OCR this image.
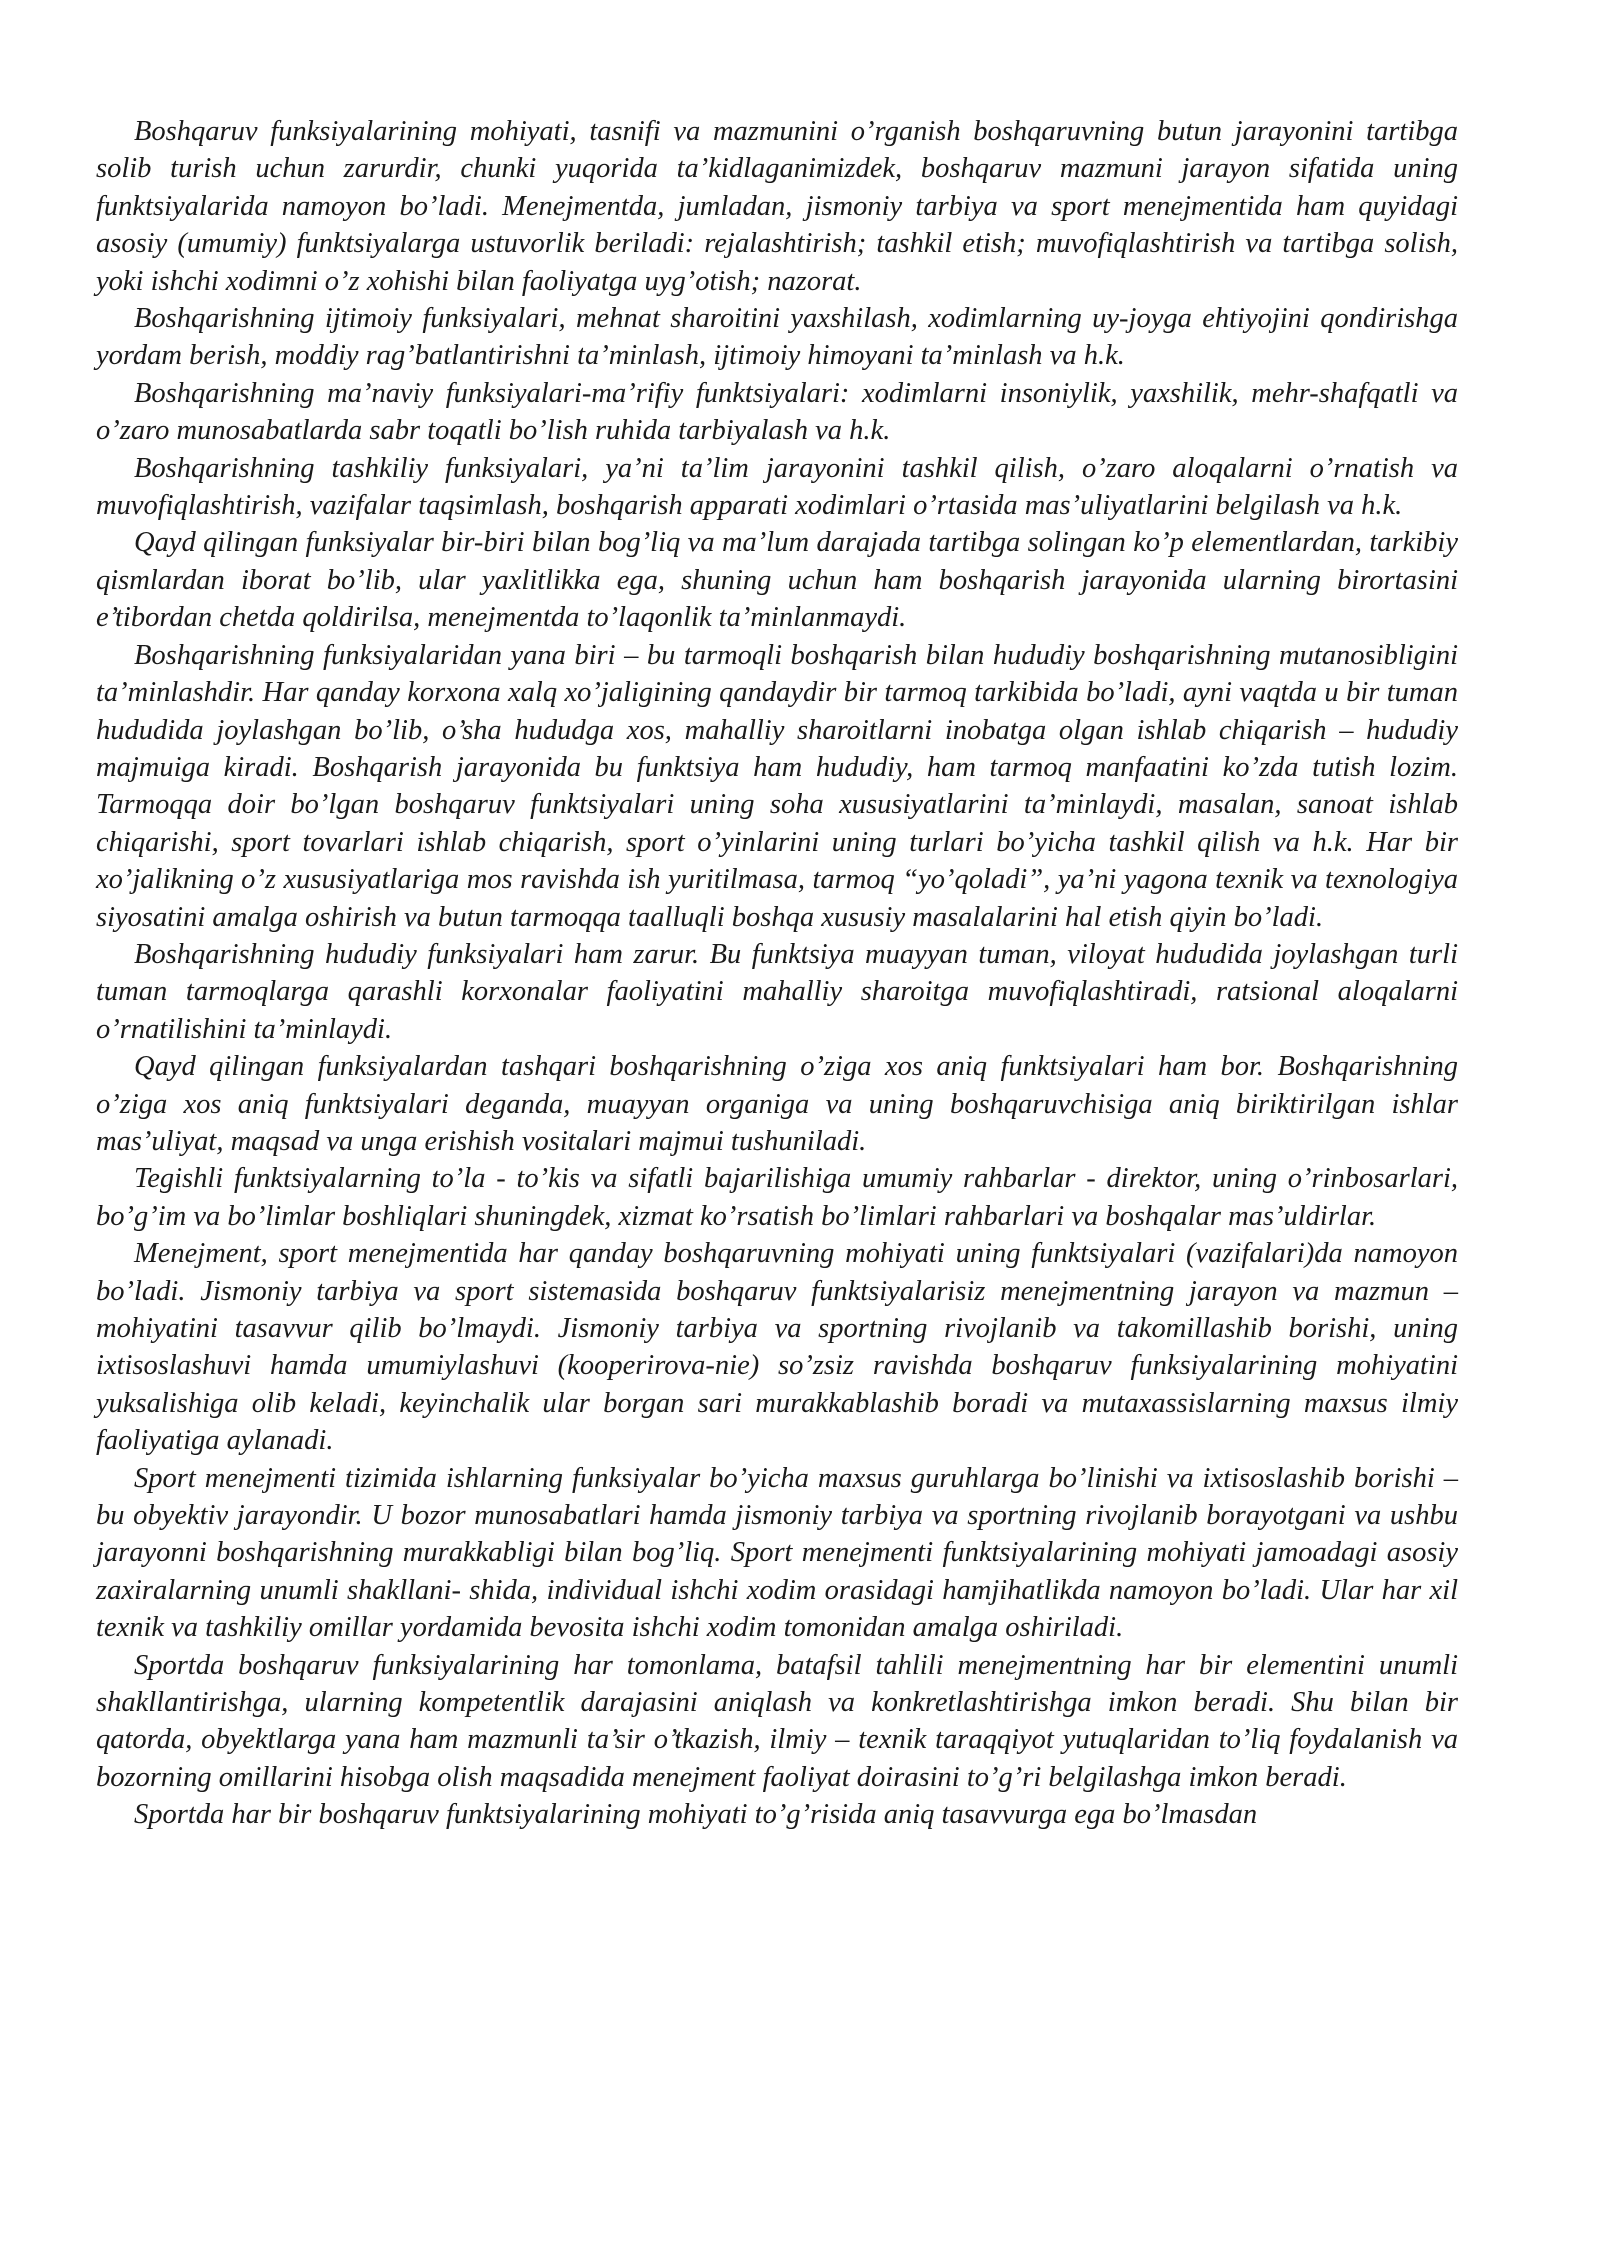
Boshqaruv funksiyalarining mohiyati, tasnifi va mazmunini o’rganish boshqaruvning butun jarayonini tartibga solib turish uchun zarurdir, chunki yuqorida ta’kidlaganimizdek, boshqaruv mazmuni jarayon sifatida uning funktsiyalarida namoyon bo’ladi. Menejmentda, jumladan, jismoniy tarbiya va sport menejmentida ham quyidagi asosiy (umumiy) funktsiyalarga ustuvorlik beriladi: rejalashtirish; tashkil etish; muvofiqlashtirish va tartibga solish, yoki ishchi xodimni o’z xohishi bilan faoliyatga uyg’otish; nazorat.

Boshqarishning ijtimoiy funksiyalari, mehnat sharoitini yaxshilash, xodimlarning uy-joyga ehtiyojini qondirishga yordam berish, moddiy rag’batlantirishni ta’minlash, ijtimoiy himoyani ta’minlash va h.k.

Boshqarishning ma’naviy funksiyalari-ma’rifiy funktsiyalari: xodimlarni insoniylik, yaxshilik, mehr-shafqatli va o’zaro munosabatlarda sabr toqatli bo’lish ruhida tarbiyalash va h.k.

Boshqarishning tashkiliy funksiyalari, ya’ni ta’lim jarayonini tashkil qilish, o’zaro aloqalarni o’rnatish va muvofiqlashtirish, vazifalar taqsimlash, boshqarish apparati xodimlari o’rtasida mas’uliyatlarini belgilash va h.k.

Qayd qilingan funksiyalar bir-biri bilan bog’liq va ma’lum darajada tartibga solingan ko’p elementlardan, tarkibiy qismlardan iborat bo’lib, ular yaxlitlikka ega, shuning uchun ham boshqarish jarayonida ularning birortasini e’tibordan chetda qoldirilsa, menejmentda to’laqonlik ta’minlanmaydi.

Boshqarishning funksiyalaridan yana biri – bu tarmoqli boshqarish bilan hududiy boshqarishning mutanosibligini ta’minlashdir. Har qanday korxona xalq xo’jaligining qandaydir bir tarmoq tarkibida bo’ladi, ayni vaqtda u bir tuman hududida joylashgan bo’lib, o’sha hududga xos, mahalliy sharoitlarni inobatga olgan ishlab chiqarish – hududiy majmuiga kiradi. Boshqarish jarayonida bu funktsiya ham hududiy, ham tarmoq manfaatini ko’zda tutish lozim. Tarmoqqa doir bo’lgan boshqaruv funktsiyalari uning soha xususiyatlarini ta’minlaydi, masalan, sanoat ishlab chiqarishi, sport tovarlari ishlab chiqarish, sport o’yinlarini uning turlari bo’yicha tashkil qilish va h.k. Har bir xo’jalikning o’z xususiyatlariga mos ravishda ish yuritilmasa, tarmoq “yo’qoladi”, ya’ni yagona texnik va texnologiya siyosatini amalga oshirish va butun tarmoqqa taalluqli boshqa xususiy masalalarini hal etish qiyin bo’ladi.

Boshqarishning hududiy funksiyalari ham zarur. Bu funktsiya muayyan tuman, viloyat hududida joylashgan turli tuman tarmoqlarga qarashli korxonalar faoliyatini mahalliy sharoitga muvofiqlashtiradi, ratsional aloqalarni o’rnatilishini ta’minlaydi.

Qayd qilingan funksiyalardan tashqari boshqarishning o’ziga xos aniq funktsiyalari ham bor. Boshqarishning o’ziga xos aniq funktsiyalari deganda, muayyan organiga va uning boshqaruvchisiga aniq biriktirilgan ishlar mas’uliyat, maqsad va unga erishish vositalari majmui tushuniladi.

Tegishli funktsiyalarning to’la - to’kis va sifatli bajarilishiga umumiy rahbarlar - direktor, uning o’rinbosarlari, bo’g’im va bo’limlar boshliqlari shuningdek, xizmat ko’rsatish bo’limlari rahbarlari va boshqalar mas’uldirlar.

Menejment, sport menejmentida har qanday boshqaruvning mohiyati uning funktsiyalari (vazifalari)da namoyon bo’ladi. Jismoniy tarbiya va sport sistemasida boshqaruv funktsiyalarisiz menejmentning jarayon va mazmun – mohiyatini tasavvur qilib bo’lmaydi. Jismoniy tarbiya va sportning rivojlanib va takomillashib borishi, uning ixtisoslashuvi hamda umumiylashuvi (kooperirova-nie) so’zsiz ravishda boshqaruv funksiyalarining mohiyatini yuksalishiga olib keladi, keyinchalik ular borgan sari murakkablashib boradi va mutaxassislarning maxsus ilmiy faoliyatiga aylanadi.

Sport menejmenti tizimida ishlarning funksiyalar bo’yicha maxsus guruhlarga bo’linishi va ixtisoslashib borishi – bu obyektiv jarayondir. U bozor munosabatlari hamda jismoniy tarbiya va sportning rivojlanib borayotgani va ushbu jarayonni boshqarishning murakkabligi bilan bog’liq. Sport menejmenti funktsiyalarining mohiyati jamoadagi asosiy zaxiralarning unumli shakllani- shida, individual ishchi xodim orasidagi hamjihatlikda namoyon bo’ladi. Ular har xil texnik va tashkiliy omillar yordamida bevosita ishchi xodim tomonidan amalga oshiriladi.

Sportda boshqaruv funksiyalarining har tomonlama, batafsil tahlili menejmentning har bir elementini unumli shakllantirishga, ularning kompetentlik darajasini aniqlash va konkretlashtirishga imkon beradi. Shu bilan bir qatorda, obyektlarga yana ham mazmunli ta’sir o’tkazish, ilmiy – texnik taraqqiyot yutuqlaridan to’liq foydalanish va bozorning omillarini hisobga olish maqsadida menejment faoliyat doirasini to’g’ri belgilashga imkon beradi.

Sportda har bir boshqaruv funktsiyalarining mohiyati to’g’risida aniq tasavvurga ega bo’lmasdan
